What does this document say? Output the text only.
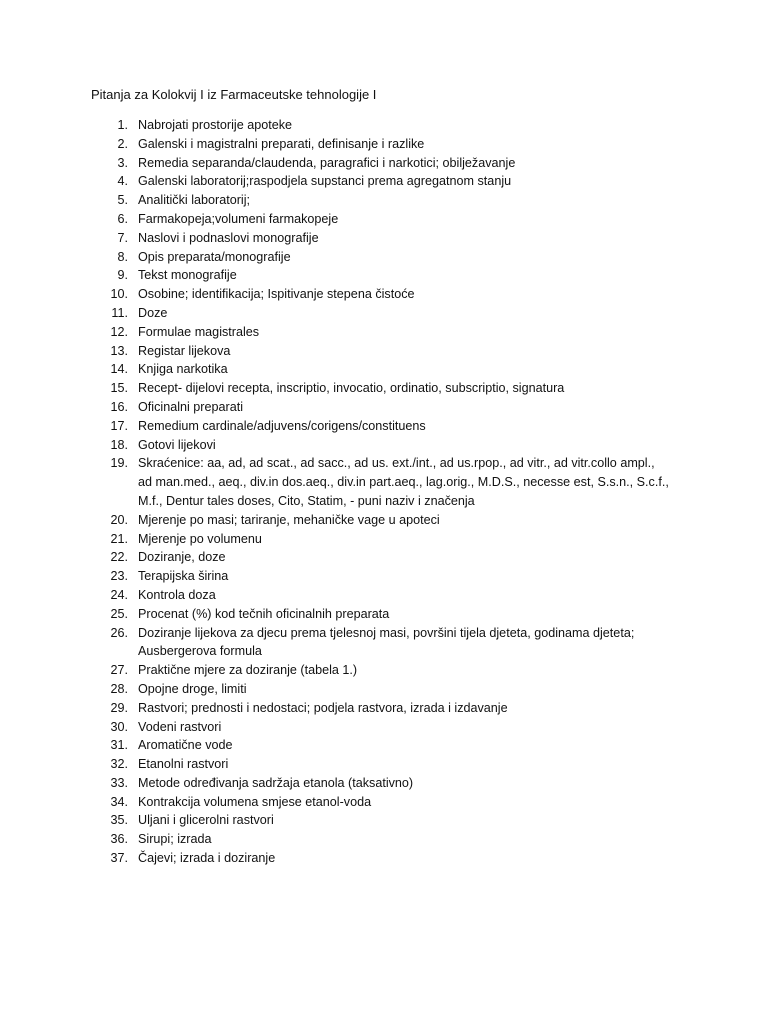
Pitanja za Kolokvij I iz Farmaceutske tehnologije I
1. Nabrojati prostorije apoteke
2. Galenski i magistralni preparati, definisanje i razlike
3. Remedia separanda/claudenda, paragrafici i narkotici; obilježavanje
4. Galenski laboratorij;raspodjela supstanci prema agregatnom stanju
5. Analitički laboratorij;
6. Farmakopeja;volumeni farmakopeje
7. Naslovi i podnaslovi monografije
8. Opis preparata/monografije
9. Tekst monografije
10. Osobine; identifikacija; Ispitivanje stepena čistoće
11. Doze
12. Formulae magistrales
13. Registar lijekova
14. Knjiga narkotika
15. Recept- dijelovi recepta, inscriptio, invocatio, ordinatio, subscriptio, signatura
16. Oficinalni preparati
17. Remedium cardinale/adjuvens/corigens/constituens
18. Gotovi lijekovi
19. Skraćenice: aa, ad, ad scat., ad sacc., ad us. ext./int., ad us.rpop., ad vitr., ad vitr.collo ampl.,
ad man.med., aeq., div.in dos.aeq., div.in part.aeq., lag.orig., M.D.S., necesse est, S.s.n., S.c.f.,
M.f., Dentur tales doses, Cito, Statim, - puni naziv i značenja
20. Mjerenje po masi; tariranje, mehaničke vage u apoteci
21. Mjerenje po volumenu
22. Doziranje, doze
23. Terapijska širina
24. Kontrola doza
25. Procenat (%) kod tečnih oficinalnih preparata
26. Doziranje lijekova za djecu prema tjelesnoj masi, površini tijela djeteta, godinama djeteta;
Ausbergerova formula
27. Praktične mjere za doziranje (tabela 1.)
28. Opojne droge, limiti
29. Rastvori; prednosti i nedostaci; podjela rastvora, izrada i izdavanje
30. Vodeni rastvori
31. Aromatične vode
32. Etanolni rastvori
33. Metode određivanja sadržaja etanola (taksativno)
34. Kontrakcija volumena smjese etanol-voda
35. Uljani i glicerolni rastvori
36. Sirupi; izrada
37. Čajevi; izrada i doziranje
